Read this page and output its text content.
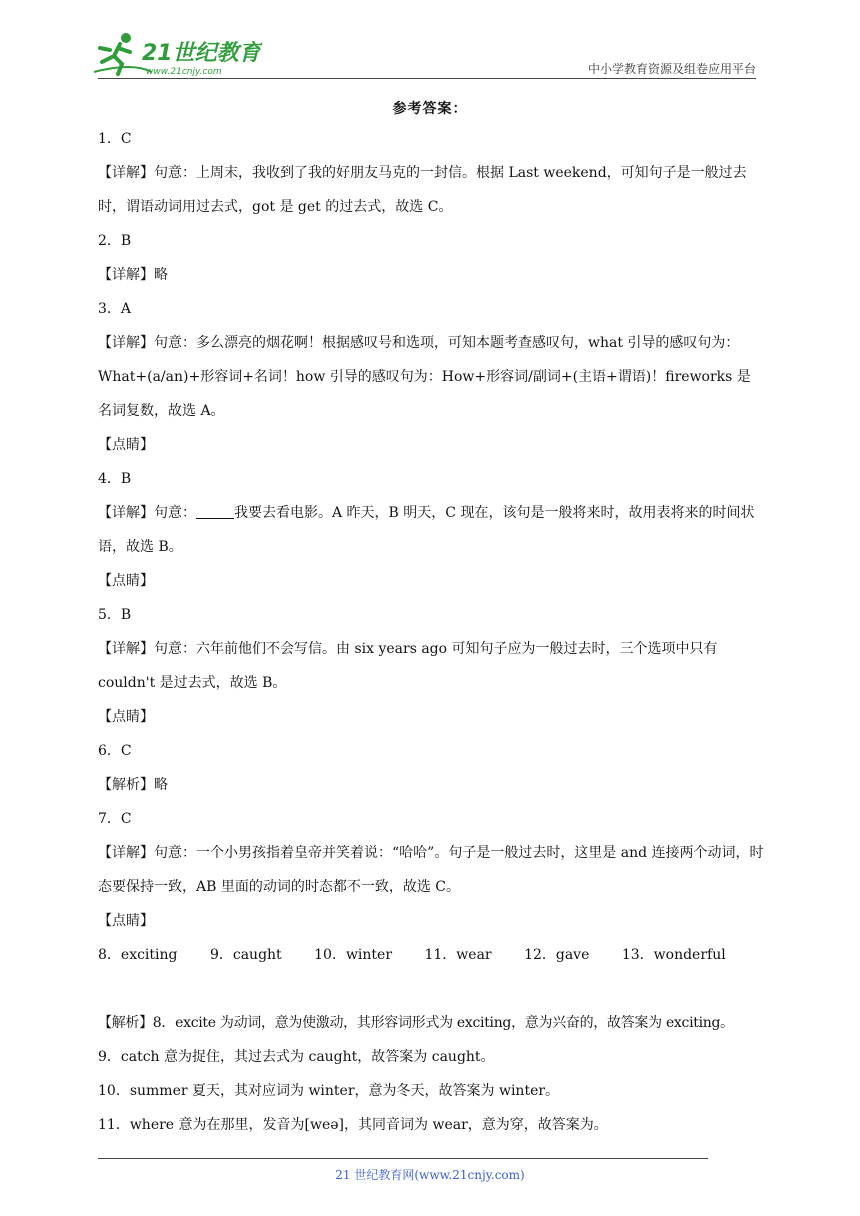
21世纪教育
www.21cnjy.com	中小学教育资源及组卷应用平台
参考答案：
1．C
【详解】句意：上周末，我收到了我的好朋友马克的一封信。根据 Last weekend，可知句子是一般过去时，谓语动词用过去式，got 是 get 的过去式，故选 C。
2．B
【详解】略
3．A
【详解】句意：多么漂亮的烟花啊！根据感叹号和选项，可知本题考查感叹句，what 引导的感叹句为：What+(a/an)+形容词+名词！how 引导的感叹句为：How+形容词/副词+(主语+谓语)！fireworks 是名词复数，故选 A。
【点睛】
4．B
【详解】句意：	我要去看电影。A 昨天，B 明天，C 现在，该句是一般将来时，故用表将来的时间状语，故选 B。
【点睛】
5．B
【详解】句意：六年前他们不会写信。由 six years ago 可知句子应为一般过去时，三个选项中只有 couldn't 是过去式，故选 B。
【点睛】
6．C
【解析】略
7．C
【详解】句意：一个小男孩指着皇帝并笑着说：“哈哈”。句子是一般过去时，这里是 and 连接两个动词，时态要保持一致，AB 里面的动词的时态都不一致，故选 C。
【点睛】
8．exciting 9．caught 10．winter 11．wear 12．gave 13．wonderful
【解析】8．excite 为动词，意为使激动，其形容词形式为 exciting，意为兴奋的，故答案为 exciting。
9．catch 意为捉住，其过去式为 caught，故答案为 caught。
10．summer 夏天，其对应词为 winter，意为冬天，故答案为 winter。
11．where 意为在那里，发音为[weə]，其同音词为 wear，意为穿，故答案为。
21 世纪教育网(www.21cnjy.com)
